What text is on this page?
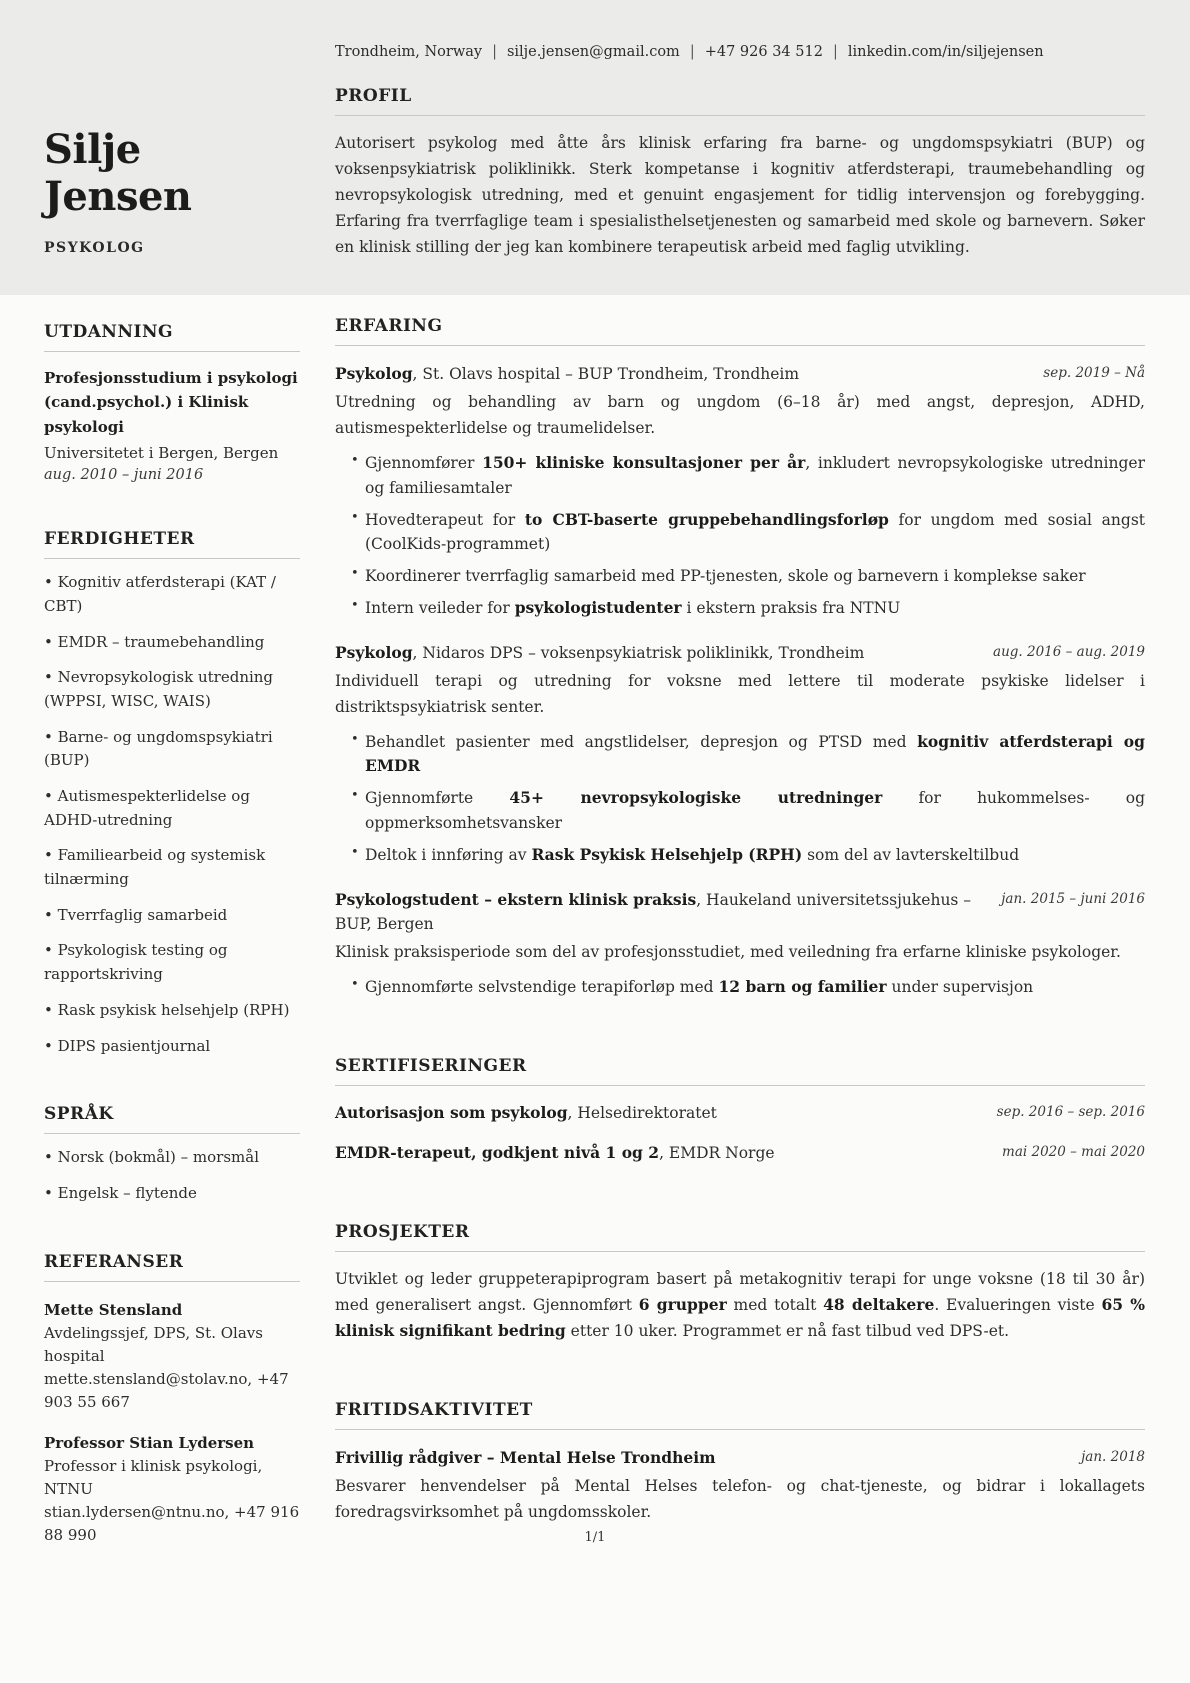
Silje
Jensen
PSYKOLOG
UTDANNING
Profesjonsstudium i psykologi (cand.psychol.) i Klinisk psykologi
Universitetet i Bergen, Bergen
aug. 2010 – juni 2016
FERDIGHETER
• Kognitiv atferdsterapi (KAT / CBT)
• EMDR – traumebehandling
• Nevropsykologisk utredning (WPPSI, WISC, WAIS)
• Barne- og ungdomspsykiatri (BUP)
• Autismespekterlidelse og ADHD-utredning
• Familiearbeid og systemisk tilnærming
• Tverrfaglig samarbeid
• Psykologisk testing og rapportskriving
• Rask psykisk helsehjelp (RPH)
• DIPS pasientjournal
SPRÅK
• Norsk (bokmål) – morsmål
• Engelsk – flytende
REFERANSER
Mette Stensland
Avdelingssjef, DPS, St. Olavs hospital
mette.stensland@stolav.no, +47 903 55 667
Professor Stian Lydersen
Professor i klinisk psykologi, NTNU
stian.lydersen@ntnu.no, +47 916 88 990
Trondheim, Norway | silje.jensen@gmail.com | +47 926 34 512 | linkedin.com/in/siljejensen
PROFIL

Autorisert psykolog med åtte års klinisk erfaring fra barne- og ungdomspsykiatri (BUP) og voksenpsykiatrisk poliklinikk. Sterk kompetanse i kognitiv atferdsterapi, traumebehandling og nevropsykologisk utredning, med et genuint engasjement for tidlig intervensjon og forebygging. Erfaring fra tverrfaglige team i spesialisthelsetjenesten og samarbeid med skole og barnevern. Søker en klinisk stilling der jeg kan kombinere terapeutisk arbeid med faglig utvikling.

ERFARING
Psykolog, St. Olavs hospital – BUP Trondheim, Trondheim	sep. 2019 – Nå

Utredning og behandling av barn og ungdom (6–18 år) med angst, depresjon, ADHD, autismespekterlidelse og traumelidelser.

• Gjennomfører 150+ kliniske konsultasjoner per år, inkludert nevropsykologiske utredninger og familiesamtaler
• Hovedterapeut for to CBT-baserte gruppebehandlingsforløp for ungdom med sosial angst (CoolKids-programmet)
• Koordinerer tverrfaglig samarbeid med PP-tjenesten, skole og barnevern i komplekse saker
• Intern veileder for psykologistudenter i ekstern praksis fra NTNU
Psykolog, Nidaros DPS – voksenpsykiatrisk poliklinikk, Trondheim	aug. 2016 – aug. 2019

Individuell terapi og utredning for voksne med lettere til moderate psykiske lidelser i distriktspsykiatrisk senter.

• Behandlet pasienter med angstlidelser, depresjon og PTSD med kognitiv atferdsterapi og EMDR
• Gjennomførte 45+ nevropsykologiske utredninger for hukommelses- og oppmerksomhetsvansker
• Deltok i innføring av Rask Psykisk Helsehjelp (RPH) som del av lavterskeltilbud
Psykologstudent – ekstern klinisk praksis, Haukeland universitetssjukehus – BUP, Bergen
jan. 2015 – juni 2016

Klinisk praksisperiode som del av profesjonsstudiet, med veiledning fra erfarne kliniske psykologer.

• Gjennomførte selvstendige terapiforløp med 12 barn og familier under supervisjon
SERTIFISERINGER
Autorisasjon som psykolog, Helsedirektoratet	sep. 2016 – sep. 2016
EMDR-terapeut, godkjent nivå 1 og 2, EMDR Norge	mai 2020 – mai 2020
PROSJEKTER

Utviklet og leder gruppeterapiprogram basert på metakognitiv terapi for unge voksne (18 til 30 år) med generalisert angst. Gjennomført 6 grupper med totalt 48 deltakere. Evalueringen viste 65 % klinisk signifikant bedring etter 10 uker. Programmet er nå fast tilbud ved DPS-et.

FRITIDSAKTIVITET
Frivillig rådgiver – Mental Helse Trondheim	jan. 2018

Besvarer henvendelser på Mental Helses telefon- og chat-tjeneste, og bidrar i lokallagets foredragsvirksomhet på ungdomsskoler.

1/1
